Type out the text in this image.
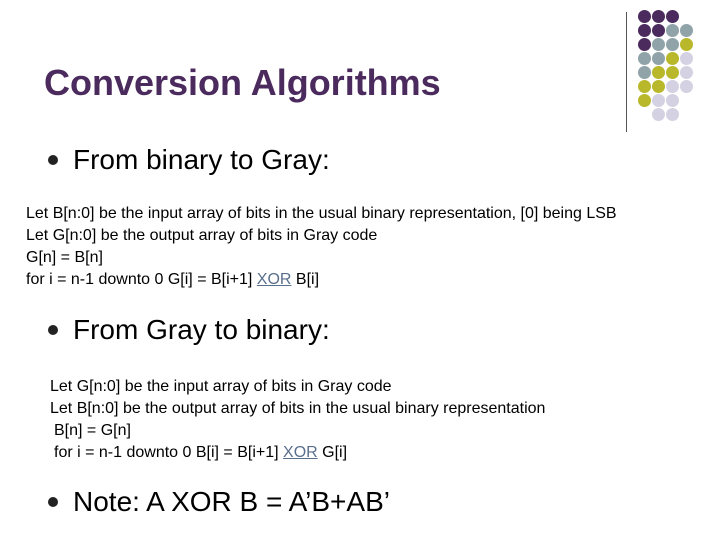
Conversion Algorithms
From binary to Gray:
Let B[n:0] be the input array of bits in the usual binary representation, [0] being LSB
Let G[n:0] be the output array of bits in Gray code
G[n] = B[n]
for i = n-1 downto 0 G[i] = B[i+1] XOR B[i]
From Gray to binary:
Let G[n:0] be the input array of bits in Gray code
Let B[n:0] be the output array of bits in the usual binary representation
B[n] = G[n]
for i = n-1 downto 0 B[i] = B[i+1] XOR G[i]
Note: A XOR B = A’B+AB’
